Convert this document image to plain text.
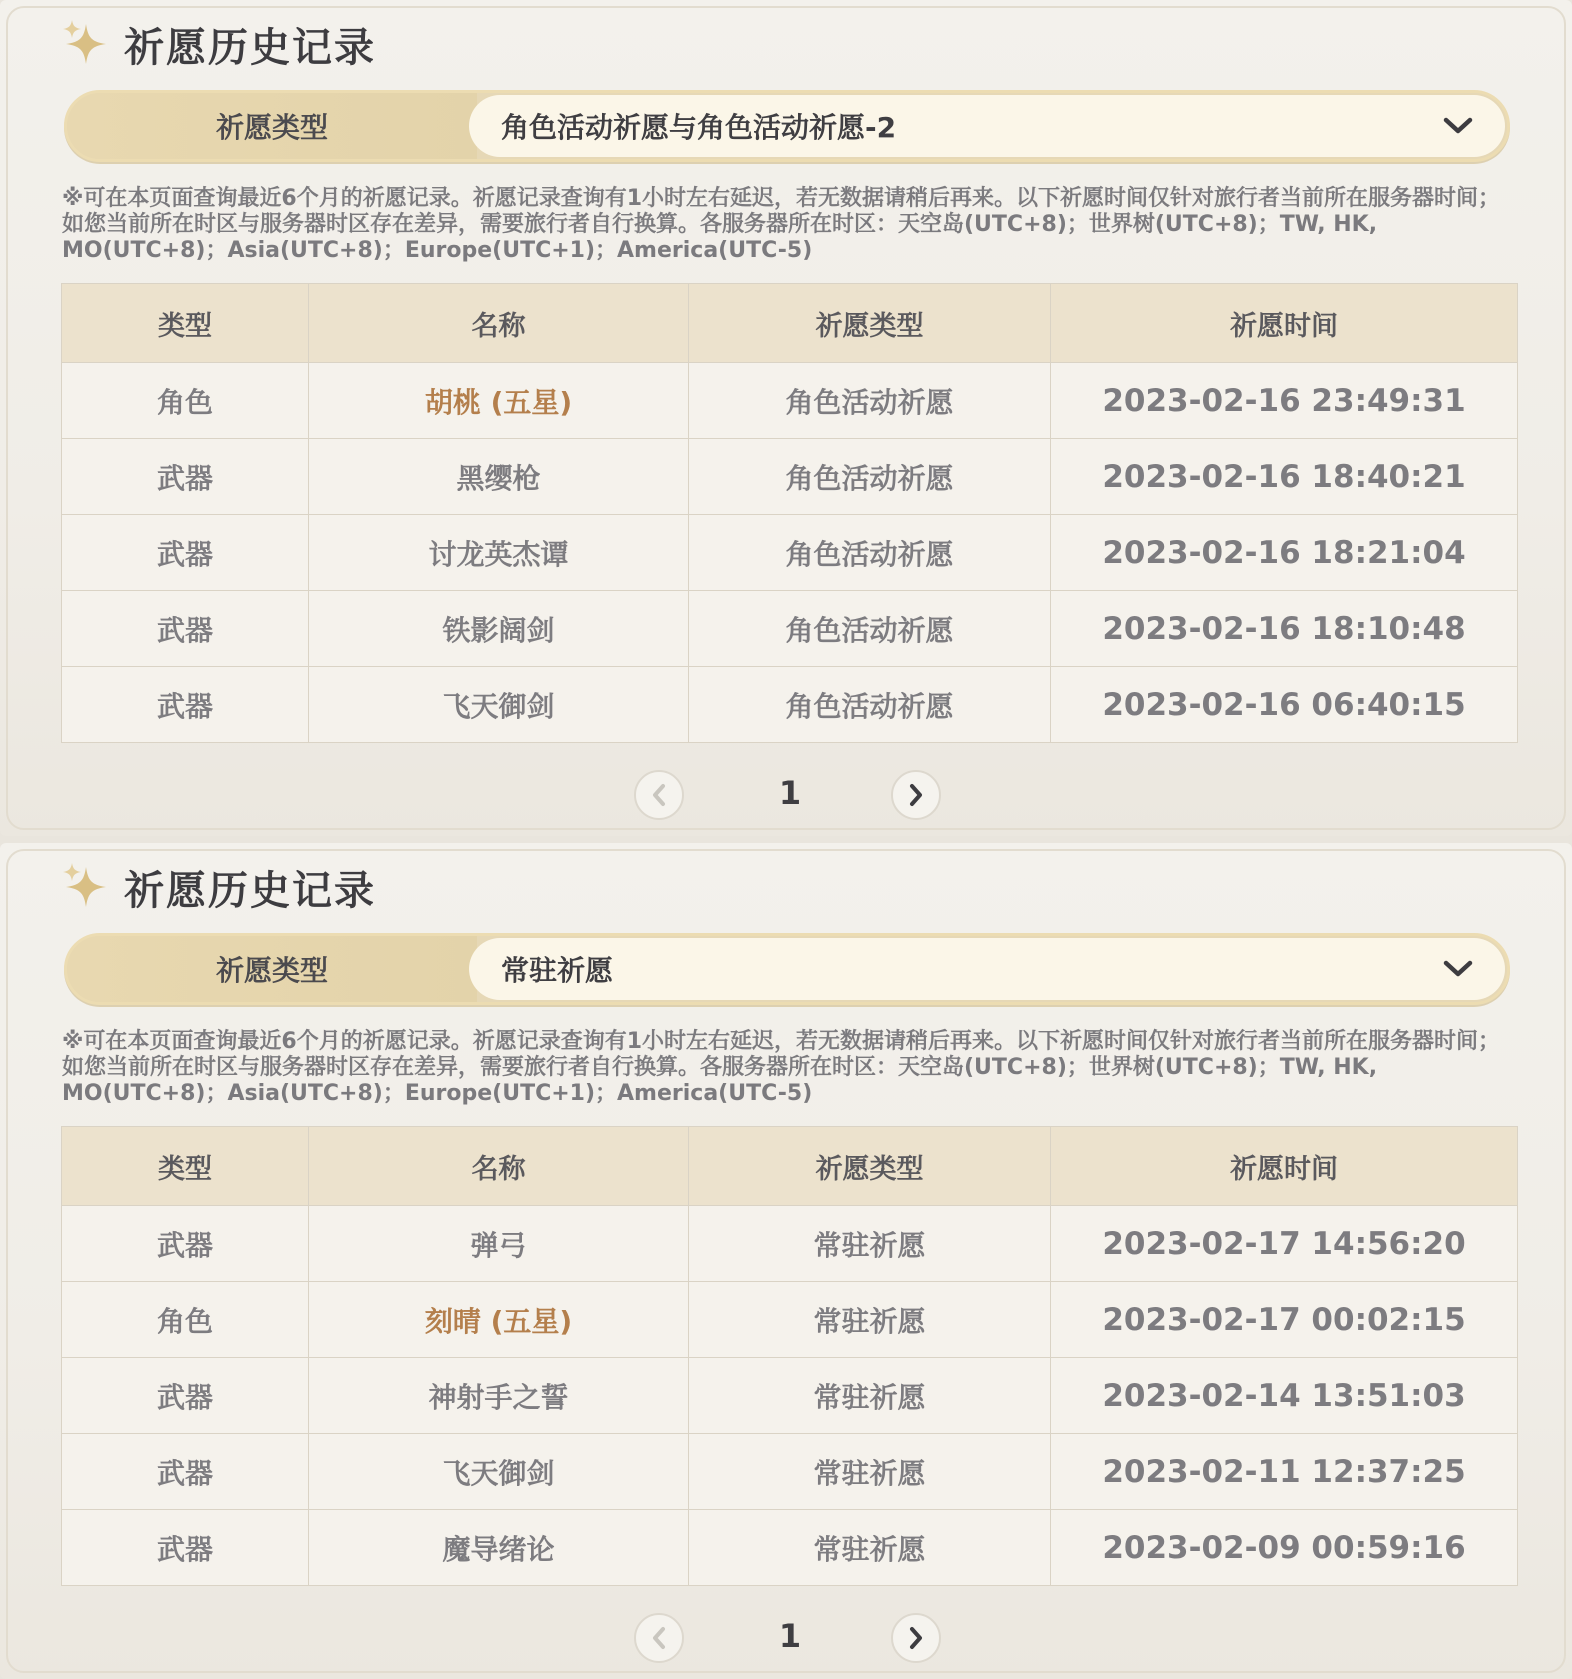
祈愿历史记录
祈愿类型	角色活动祈愿与角色活动祈愿-2
※可在本页面查询最近6个月的祈愿记录。祈愿记录查询有1小时左右延迟，若无数据请稍后再来。以下祈愿时间仅针对旅行者当前所在服务器时间；如您当前所在时区与服务器时区存在差异，需要旅行者自行换算。各服务器所在时区：天空岛(UTC+8)；世界树(UTC+8)；TW, HK, MO(UTC+8)；Asia(UTC+8)；Europe(UTC+1)；America(UTC-5)
类型	名称	祈愿类型	祈愿时间
角色	胡桃 (五星)	角色活动祈愿	2023-02-16 23:49:31
武器	黑缨枪	角色活动祈愿	2023-02-16 18:40:21
武器	讨龙英杰谭	角色活动祈愿	2023-02-16 18:21:04
武器	铁影阔剑	角色活动祈愿	2023-02-16 18:10:48
武器	飞天御剑	角色活动祈愿	2023-02-16 06:40:15
1
祈愿历史记录
祈愿类型	常驻祈愿
※可在本页面查询最近6个月的祈愿记录。祈愿记录查询有1小时左右延迟，若无数据请稍后再来。以下祈愿时间仅针对旅行者当前所在服务器时间；如您当前所在时区与服务器时区存在差异，需要旅行者自行换算。各服务器所在时区：天空岛(UTC+8)；世界树(UTC+8)；TW, HK, MO(UTC+8)；Asia(UTC+8)；Europe(UTC+1)；America(UTC-5)
类型	名称	祈愿类型	祈愿时间
武器	弹弓	常驻祈愿	2023-02-17 14:56:20
角色	刻晴 (五星)	常驻祈愿	2023-02-17 00:02:15
武器	神射手之誓	常驻祈愿	2023-02-14 13:51:03
武器	飞天御剑	常驻祈愿	2023-02-11 12:37:25
武器	魔导绪论	常驻祈愿	2023-02-09 00:59:16
1
